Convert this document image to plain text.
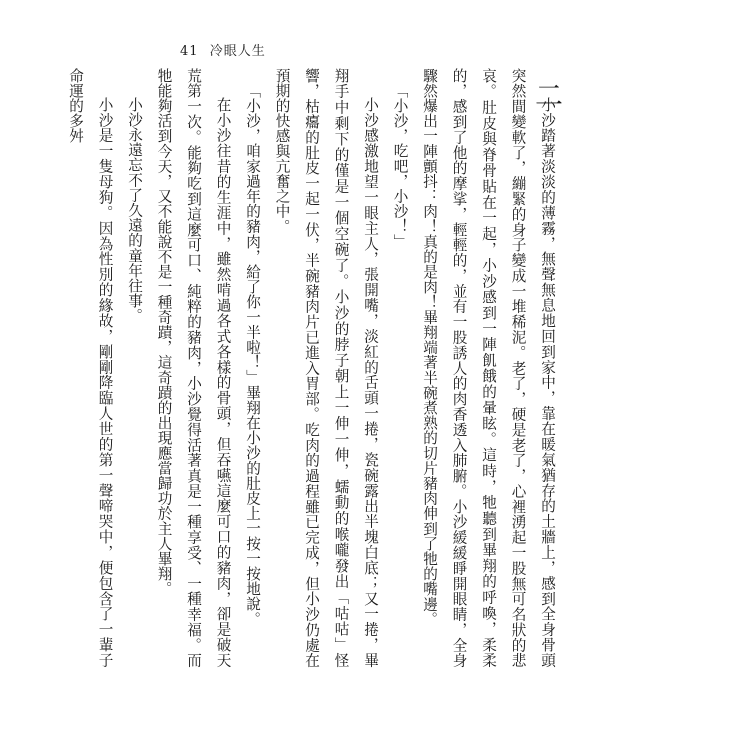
41 冷眼人生
二

小沙踏著淡淡的薄霧，無聲無息地回到家中，靠在暖氣猶存的土牆上，感到全身骨頭突然間變軟了，繃緊的身子變成一堆稀泥。老了，硬是老了，心裡湧起一股無可名狀的悲哀。肚皮與脊骨貼在一起，小沙感到一陣飢餓的暈眩。這時，牠聽到畢翔的呼喚，柔柔的，感到了他的摩挲，輕輕的，並有一股誘人的肉香透入肺腑。小沙緩緩睜開眼睛，全身驟然爆出一陣顫抖：肉！真的是肉！畢翔端著半碗煮熟的切片豬肉伸到了牠的嘴邊。

「小沙，吃吧，小沙！」

小沙感激地望一眼主人，張開嘴，淡紅的舌頭一捲，瓷碗露出半塊白底；又一捲，畢翔手中剩下的僅是一個空碗了。小沙的脖子朝上一伸一伸，蠕動的喉嚨發出「咕咕」怪響，枯癟的肚皮一起一伏，半碗豬肉片已進入胃部。吃肉的過程雖已完成，但小沙仍處在預期的快感與亢奮之中。

「小沙，咱家過年的豬肉，給了你一半啦！」畢翔在小沙的肚皮上一按一按地說。

在小沙往昔的生涯中，雖然啃過各式各樣的骨頭，但吞嚥這麼可口的豬肉，卻是破天荒第一次。能夠吃到這麼可口、純粹的豬肉，小沙覺得活著真是一種享受、一種幸福。而牠能夠活到今天，又不能說不是一種奇蹟，這奇蹟的出現應當歸功於主人畢翔。

小沙永遠忘不了久遠的童年往事。

小沙是一隻母狗。因為性別的緣故，剛剛降臨人世的第一聲啼哭中，便包含了一輩子命運的多舛
